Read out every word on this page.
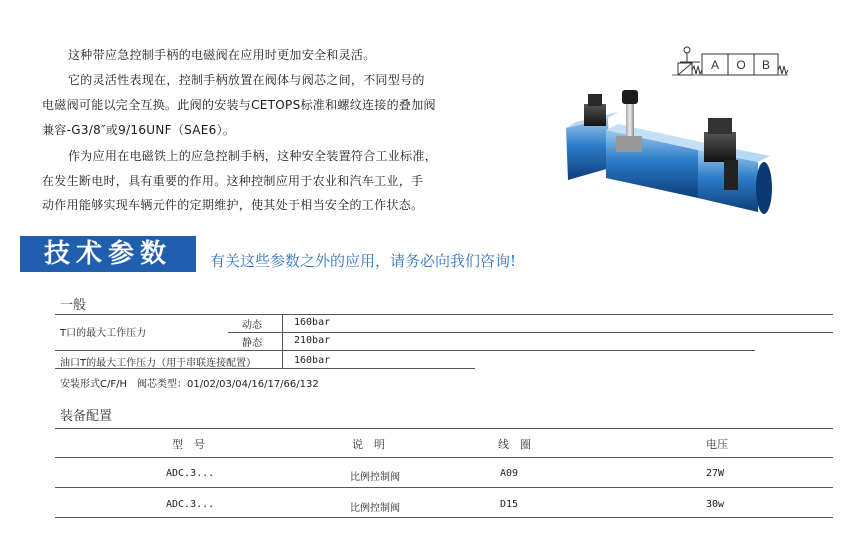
这种带应急控制手柄的电磁阀在应用时更加安全和灵活。

它的灵活性表现在，控制手柄放置在阀体与阀芯之间，不同型号的

电磁阀可能以完全互换。此阀的安装与CETOPS标准和螺纹连接的叠加阀

兼容-G3/8″或9/16UNF（SAE6）。

作为应用在电磁铁上的应急控制手柄，这种安全装置符合工业标准，

在发生断电时，具有重要的作用。这种控制应用于农业和汽车工业，手

动作用能够实现车辆元件的定期维护，使其处于相当安全的工作状态。

A O B
技术参数	有关这些参数之外的应用，请务必向我们咨询!
一般
T口的最大工作压力
动态	160bar
静态	210bar
油口T的最大工作压力（用于串联连接配置）	160bar
安装形式C/F/H　阀芯类型：01/02/03/04/16/17/66/132
装备配置
型　号	说　明	线　圈	电压
ADC.3...	比例控制阀	A09	27W
ADC.3...	比例控制阀	D15	30w
